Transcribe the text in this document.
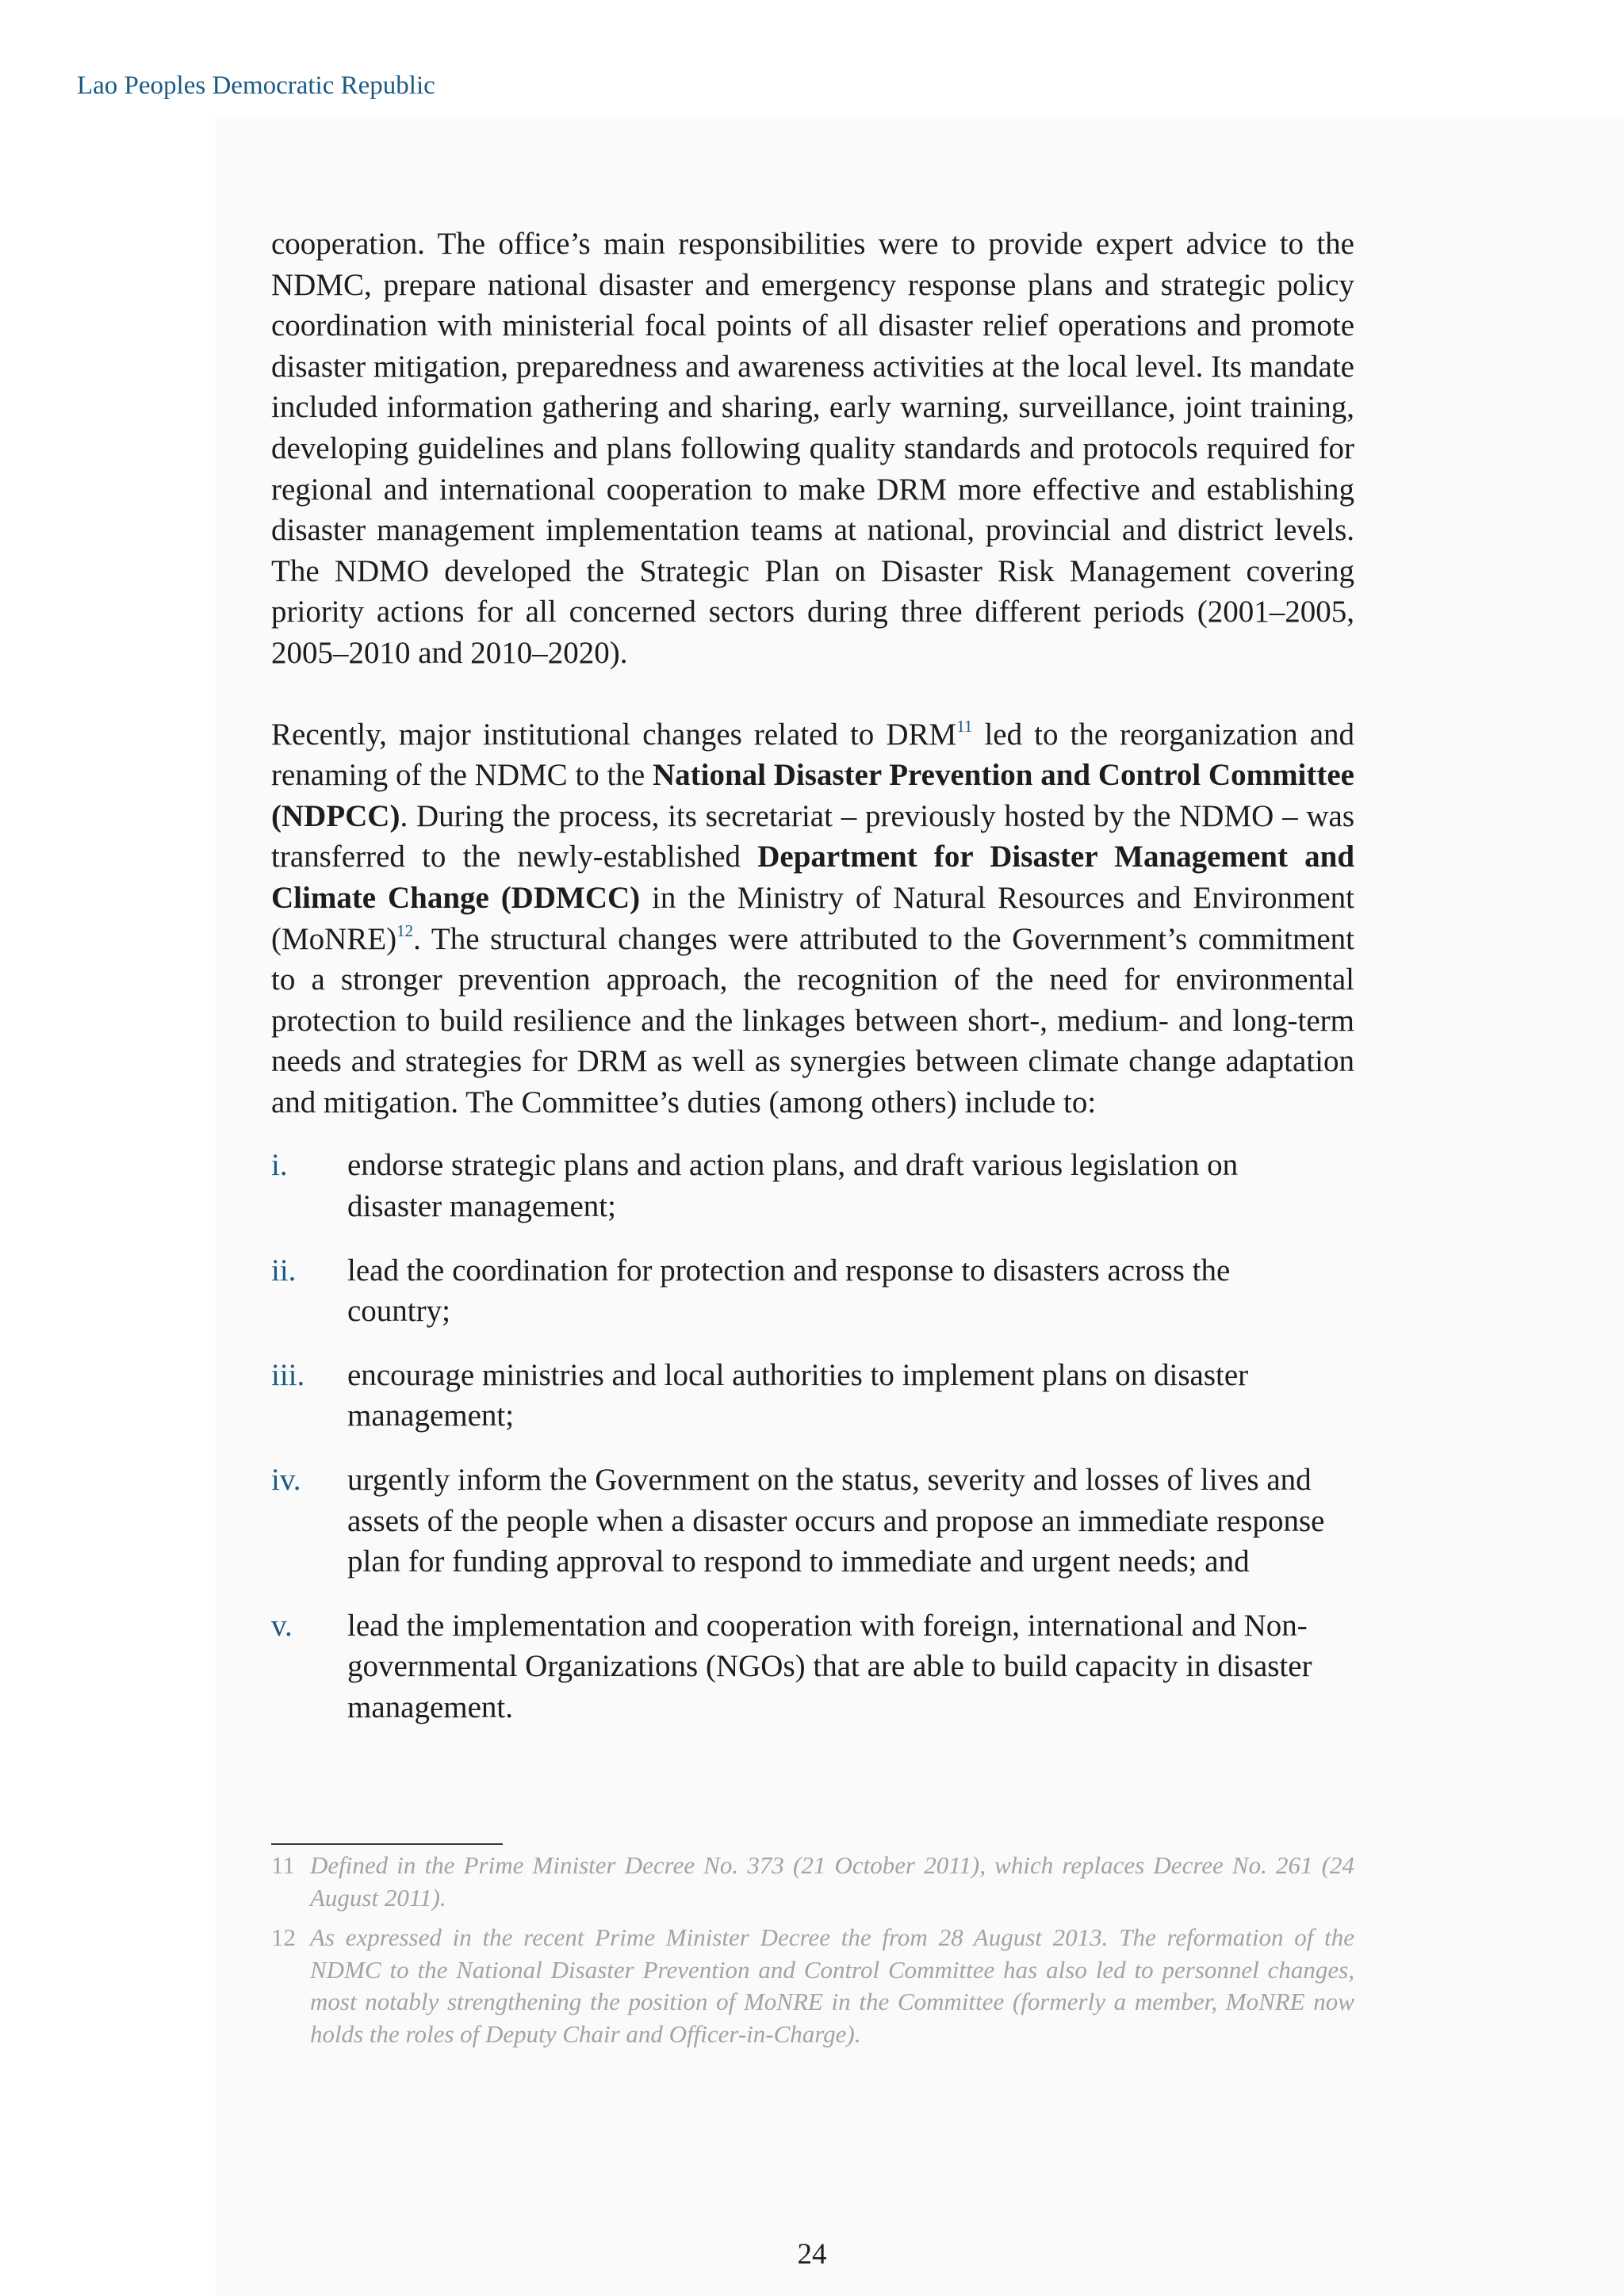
Lao Peoples Democratic Republic

cooperation. The office’s main responsibilities were to provide expert advice to the NDMC, prepare national disaster and emergency response plans and strategic policy coordination with ministerial focal points of all disaster relief operations and promote disaster mitigation, preparedness and awareness activities at the local level. Its mandate included information gathering and sharing, early warning, surveillance, joint training, developing guidelines and plans following quality standards and protocols required for regional and international cooperation to make DRM more effective and establishing disaster management implementation teams at national, provincial and district levels. The NDMO developed the Strategic Plan on Disaster Risk Management covering priority actions for all concerned sectors during three different periods (2001–2005, 2005–2010 and 2010–2020).

Recently, major institutional changes related to DRM$^{11}$ led to the reorganization and renaming of the NDMC to the National Disaster Prevention and Control Committee (NDPCC). During the process, its secretariat – previously hosted by the NDMO – was transferred to the newly-established Department for Disaster Management and Climate Change (DDMCC) in the Ministry of Natural Resources and Environment (MoNRE)$^{12}$. The structural changes were attributed to the Government’s commitment to a stronger prevention approach, the recognition of the need for environmental protection to build resilience and the linkages between short-, medium- and long-term needs and strategies for DRM as well as synergies between climate change adaptation and mitigation. The Committee’s duties (among others) include to:

i.	endorse strategic plans and action plans, and draft various legislation on disaster management;
ii.	lead the coordination for protection and response to disasters across the country;
iii.	encourage ministries and local authorities to implement plans on disaster management;
iv.	urgently inform the Government on the status, severity and losses of lives and assets of the people when a disaster occurs and propose an immediate response plan for funding approval to respond to immediate and urgent needs; and
v.	lead the implementation and cooperation with foreign, international and Non-governmental Organizations (NGOs) that are able to build capacity in disaster management.
11 Defined in the Prime Minister Decree No. 373 (21 October 2011), which replaces Decree No. 261 (24 August 2011).
12 As expressed in the recent Prime Minister Decree the from 28 August 2013. The reformation of the NDMC to the National Disaster Prevention and Control Committee has also led to personnel changes, most notably strengthening the position of MoNRE in the Committee (formerly a member, MoNRE now holds the roles of Deputy Chair and Officer-in-Charge).
24
